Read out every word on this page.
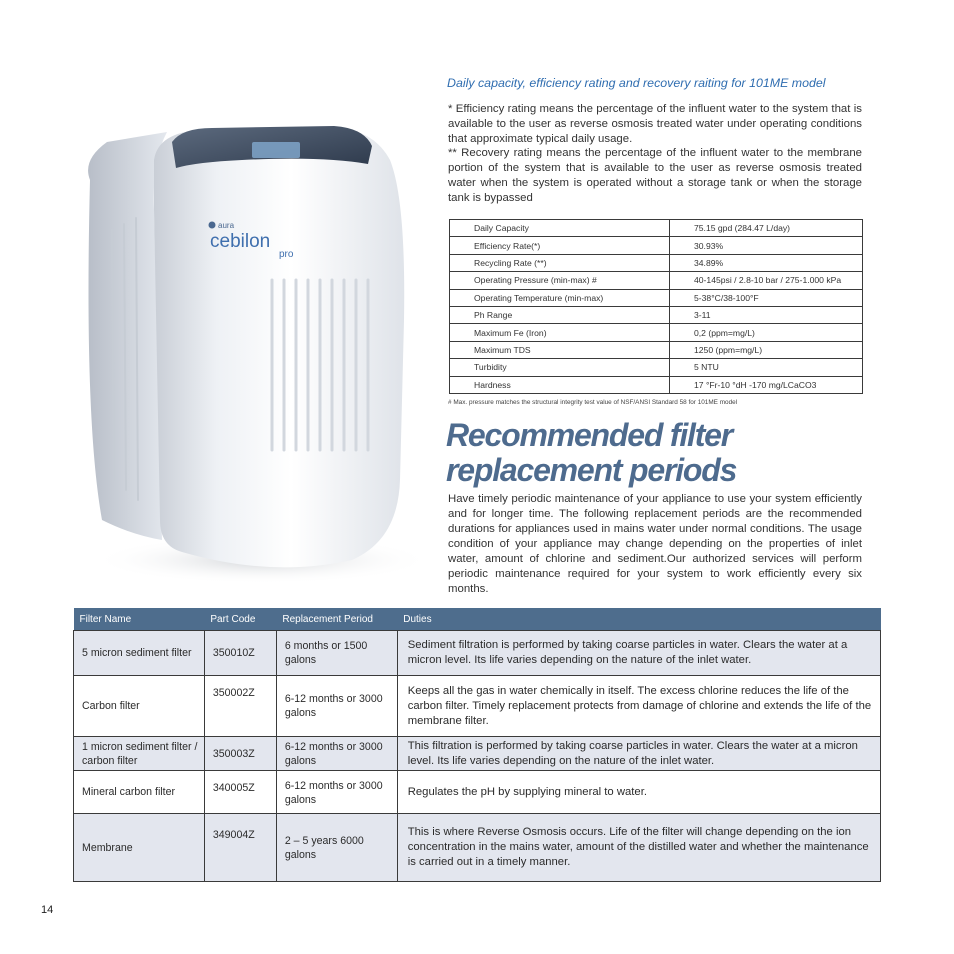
aura
cebilon
pro
Daily capacity, efficiency rating and recovery raiting for 101ME model
* Efficiency rating means the percentage of the influent water to the system that is available to the user as reverse osmosis treated water under operating conditions that approximate typical daily usage.
** Recovery rating means the percentage of the influent water to the membrane portion of the system that is available to the user as reverse osmosis treated water when the system is operated without a storage tank or when the storage tank is bypassed
Daily Capacity	75.15 gpd (284.47 L/day)
Efficiency Rate(*)	30.93%
Recycling Rate (**)	34.89%
Operating Pressure (min-max) #	40-145psi / 2.8-10 bar / 275-1.000 kPa
Operating Temperature (min-max)	5-38°C/38-100°F
Ph Range	3-11
Maximum Fe (Iron)	0,2 (ppm=mg/L)
Maximum TDS	1250 (ppm=mg/L)
Turbidity	5 NTU
Hardness	17 °Fr-10 °dH -170 mg/LCaCO3
# Max. pressure matches the structural integrity test value of NSF/ANSI Standard 58 for 101ME model
Recommended filter
replacement periods
Have timely periodic maintenance of your appliance to use your system efficiently and for longer time. The following replacement periods are the recommended durations for appliances used in mains water under normal conditions. The usage condition of your appliance may change depending on the properties of inlet water, amount of chlorine and sediment.Our authorized services will perform periodic maintenance required for your system to work efficiently every six months.
Filter Name	Part Code	Replacement Period	Duties
5 micron sediment filter	350010Z	6 months or 1500 galons	Sediment filtration is performed by taking coarse particles in water. Clears the water at a micron level. Its life varies depending on the nature of the inlet water.
Carbon filter	350002Z	6-12 months or 3000 galons	Keeps all the gas in water chemically in itself. The excess chlorine reduces the life of the carbon filter. Timely replacement protects from damage of chlorine and extends the life of the membrane filter.
1 micron sediment filter / carbon filter	350003Z	6-12 months or 3000 galons	This filtration is performed by taking coarse particles in water. Clears the water at a micron level. Its life varies depending on the nature of the inlet water.
Mineral carbon filter	340005Z	6-12 months or 3000 galons	Regulates the pH by supplying mineral to water.
Membrane	349004Z	2 – 5 years 6000 galons	This is where Reverse Osmosis occurs. Life of the filter will change depending on the ion concentration in the mains water, amount of the distilled water and whether the maintenance is carried out in a timely manner.
14
